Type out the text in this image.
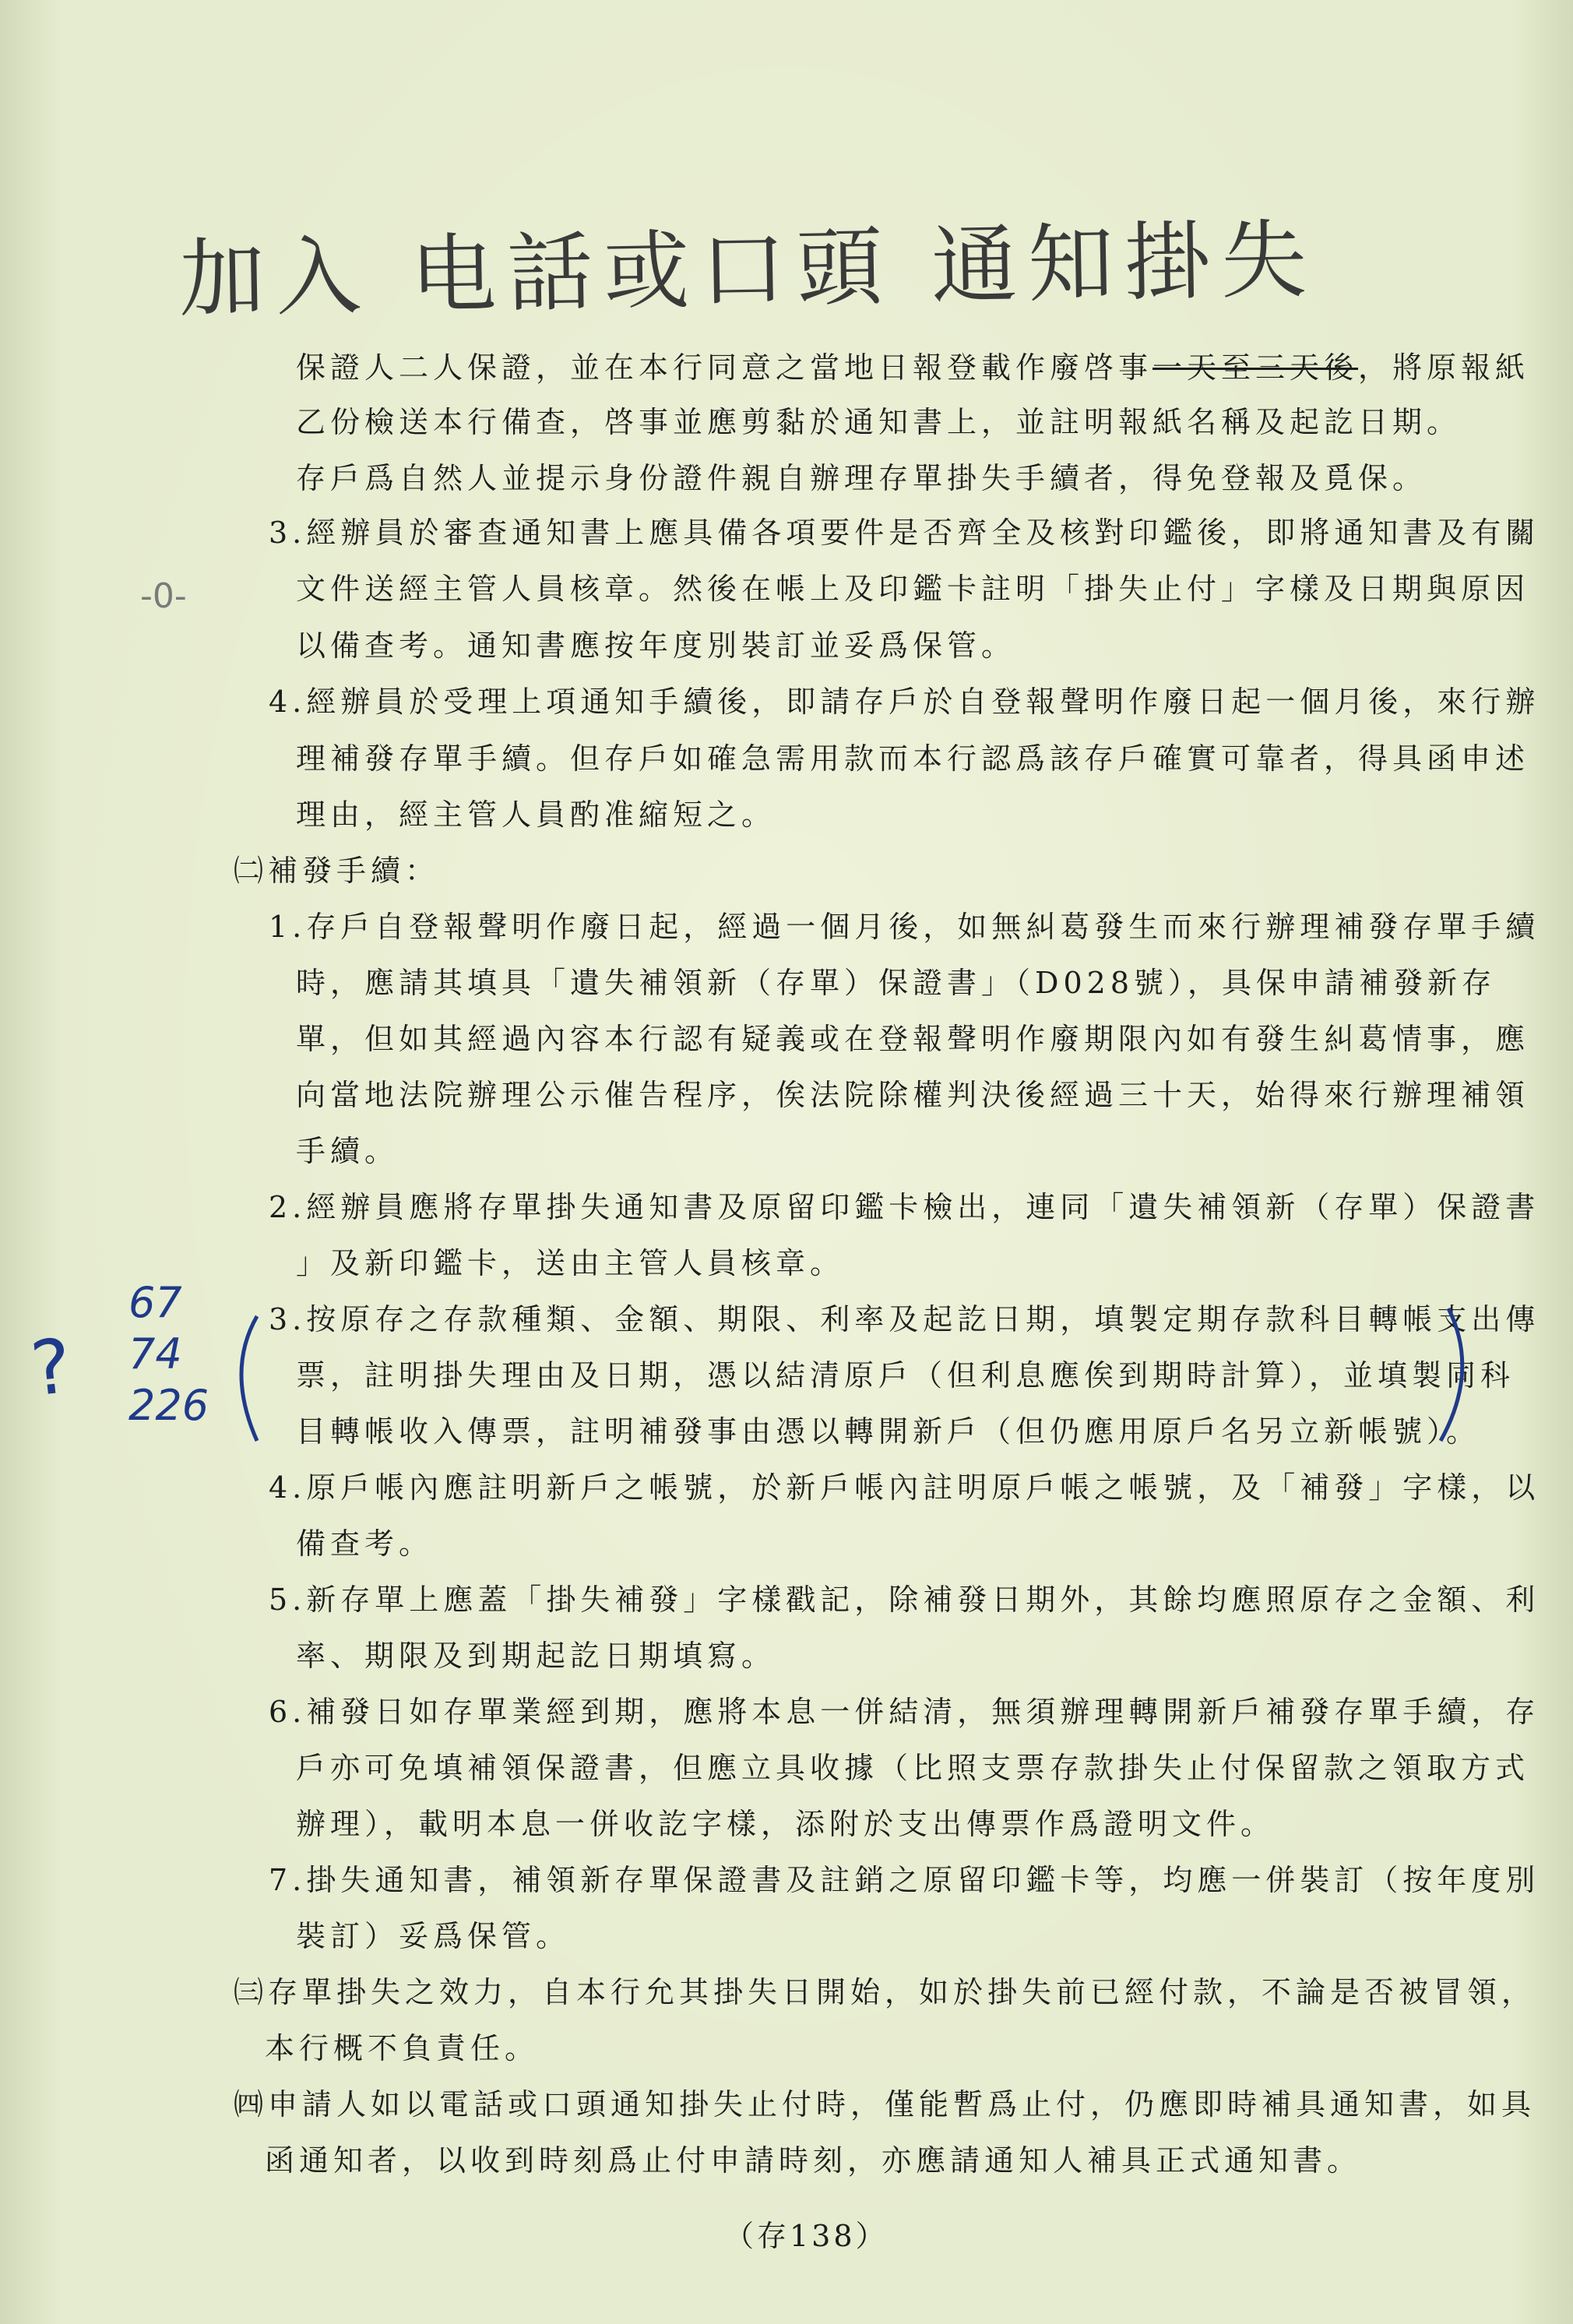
加入 电話或口頭 通知掛失
-0-
保證人二人保證，並在本行同意之當地日報登載作廢啓事一天至三天後，將原報紙
乙份檢送本行備查，啓事並應剪黏於通知書上，並註明報紙名稱及起訖日期。
存戶爲自然人並提示身份證件親自辦理存單掛失手續者，得免登報及覓保。
3.經辦員於審查通知書上應具備各項要件是否齊全及核對印鑑後，即將通知書及有關
文件送經主管人員核章。然後在帳上及印鑑卡註明「掛失止付」字樣及日期與原因
以備查考。通知書應按年度別裝訂並妥爲保管。
4.經辦員於受理上項通知手續後，即請存戶於自登報聲明作廢日起一個月後，來行辦
理補發存單手續。但存戶如確急需用款而本行認爲該存戶確實可靠者，得具函申述
理由，經主管人員酌准縮短之。
㈡補發手續：
1.存戶自登報聲明作廢日起，經過一個月後，如無糾葛發生而來行辦理補發存單手續
時，應請其填具「遺失補領新（存單）保證書」（D028號），具保申請補發新存
單，但如其經過內容本行認有疑義或在登報聲明作廢期限內如有發生糾葛情事，應
向當地法院辦理公示催告程序，俟法院除權判決後經過三十天，始得來行辦理補領
手續。
2.經辦員應將存單掛失通知書及原留印鑑卡檢出，連同「遺失補領新（存單）保證書
」及新印鑑卡，送由主管人員核章。
3.按原存之存款種類、金額、期限、利率及起訖日期，填製定期存款科目轉帳支出傳
票，註明掛失理由及日期，憑以結清原戶（但利息應俟到期時計算），並填製同科
目轉帳收入傳票，註明補發事由憑以轉開新戶（但仍應用原戶名另立新帳號）。
4.原戶帳內應註明新戶之帳號，於新戶帳內註明原戶帳之帳號，及「補發」字樣，以
備查考。
5.新存單上應蓋「掛失補發」字樣戳記，除補發日期外，其餘均應照原存之金額、利
率、期限及到期起訖日期填寫。
6.補發日如存單業經到期，應將本息一併結清，無須辦理轉開新戶補發存單手續，存
戶亦可免填補領保證書，但應立具收據（比照支票存款掛失止付保留款之領取方式
辦理），載明本息一併收訖字樣，添附於支出傳票作爲證明文件。
7.掛失通知書，補領新存單保證書及註銷之原留印鑑卡等，均應一併裝訂（按年度別
裝訂）妥爲保管。
㈢存單掛失之效力，自本行允其掛失日開始，如於掛失前已經付款，不論是否被冒領，
本行概不負責任。
㈣申請人如以電話或口頭通知掛失止付時，僅能暫爲止付，仍應即時補具通知書，如具
函通知者，以收到時刻爲止付申請時刻，亦應請通知人補具正式通知書。
（存138）
?
67
74
226
